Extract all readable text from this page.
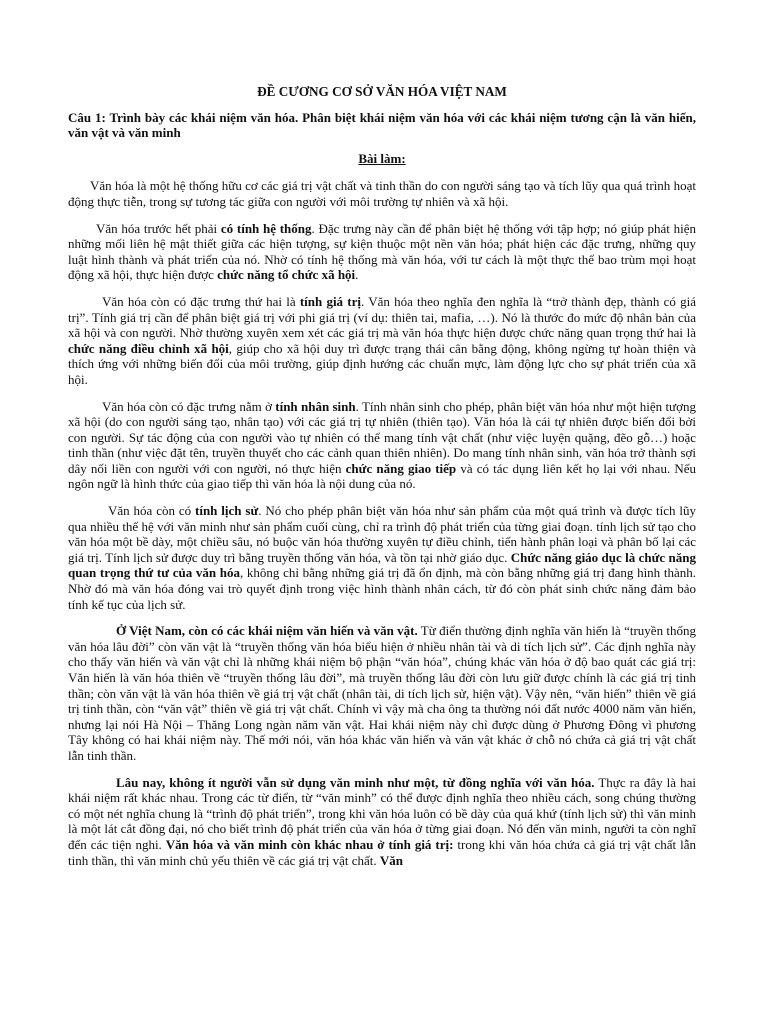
ĐỀ CƯƠNG CƠ SỞ VĂN HÓA VIỆT NAM
Câu 1: Trình bày các khái niệm văn hóa. Phân biệt khái niệm văn hóa với các khái niệm tương cận là văn hiến, văn vật và văn minh
Bài làm:

Văn hóa là một hệ thống hữu cơ các giá trị vật chất và tinh thần do con người sáng tạo và tích lũy qua quá trình hoạt động thực tiễn, trong sự tương tác giữa con người với môi trường tự nhiên và xã hội.

Văn hóa trước hết phải có tính hệ thống. Đặc trưng này cần để phân biệt hệ thống với tập hợp; nó giúp phát hiện những mối liên hệ mật thiết giữa các hiện tượng, sự kiện thuộc một nền văn hóa; phát hiện các đặc trưng, những quy luật hình thành và phát triển của nó. Nhờ có tính hệ thống mà văn hóa, với tư cách là một thực thể bao trùm mọi hoạt động xã hội, thực hiện được chức năng tổ chức xã hội.

Văn hóa còn có đặc trưng thứ hai là tính giá trị. Văn hóa theo nghĩa đen nghĩa là “trở thành đẹp, thành có giá trị”. Tính giá trị cần để phân biệt giá trị với phi giá trị (ví dụ: thiên tai, mafia, …). Nó là thước đo mức độ nhân bản của xã hội và con người. Nhờ thường xuyên xem xét các giá trị mà văn hóa thực hiện được chức năng quan trọng thứ hai là chức năng điều chỉnh xã hội, giúp cho xã hội duy trì được trạng thái cân bằng động, không ngừng tự hoàn thiện và thích ứng với những biến đổi của môi trường, giúp định hướng các chuẩn mực, làm động lực cho sự phát triển của xã hội.

Văn hóa còn có đặc trưng nằm ở tính nhân sinh. Tính nhân sinh cho phép, phân biệt văn hóa như một hiện tượng xã hội (do con người sáng tạo, nhân tạo) với các giá trị tự nhiên (thiên tạo). Văn hóa là cái tự nhiên được biến đổi bởi con người. Sự tác động của con người vào tự nhiên có thể mang tính vật chất (như việc luyện quặng, đẽo gỗ…) hoặc tinh thần (như việc đặt tên, truyền thuyết cho các cảnh quan thiên nhiên). Do mang tính nhân sinh, văn hóa trở thành sợi dây nối liền con người với con người, nó thực hiện chức năng giao tiếp và có tác dụng liên kết họ lại với nhau. Nếu ngôn ngữ là hình thức của giao tiếp thì văn hóa là nội dung của nó.

Văn hóa còn có tính lịch sử. Nó cho phép phân biệt văn hóa như sản phẩm của một quá trình và được tích lũy qua nhiều thế hệ với văn minh như sản phẩm cuối cùng, chỉ ra trình độ phát triển của từng giai đoạn. tính lịch sử tạo cho văn hóa một bề dày, một chiều sâu, nó buộc văn hóa thường xuyên tự điều chỉnh, tiến hành phân loại và phân bố lại các giá trị. Tính lịch sử được duy trì bằng truyền thống văn hóa, và tồn tại nhờ giáo dục. Chức năng giáo dục là chức năng quan trọng thứ tư của văn hóa, không chỉ bằng những giá trị đã ổn định, mà còn bằng những giá trị đang hình thành. Nhờ đó mà văn hóa đóng vai trò quyết định trong việc hình thành nhân cách, từ đó còn phát sinh chức năng đảm bảo tính kế tục của lịch sử.

Ở Việt Nam, còn có các khái niệm văn hiến và văn vật. Từ điển thường định nghĩa văn hiến là “truyền thống văn hóa lâu đời” còn văn vật là “truyền thống văn hóa biểu hiện ở nhiều nhân tài và di tích lịch sử”. Các định nghĩa này cho thấy văn hiến và văn vật chỉ là những khái niệm bộ phận “văn hóa”, chúng khác văn hóa ở độ bao quát các giá trị: Văn hiến là văn hóa thiên về “truyền thống lâu đời”, mà truyền thống lâu đời còn lưu giữ được chính là các giá trị tinh thần; còn văn vật là văn hóa thiên về giá trị vật chất (nhân tài, di tích lịch sử, hiện vật). Vậy nên, “văn hiến” thiên về giá trị tinh thần, còn “văn vật” thiên về giá trị vật chất. Chính vì vậy mà cha ông ta thường nói đất nước 4000 năm văn hiến, nhưng lại nói Hà Nội – Thăng Long ngàn năm văn vật. Hai khái niệm này chỉ được dùng ở Phương Đông vì phương Tây không có hai khái niệm này. Thế mới nói, văn hóa khác văn hiến và văn vật khác ở chỗ nó chứa cả giá trị vật chất lẫn tinh thần.

Lâu nay, không ít người vẫn sử dụng văn minh như một, từ đồng nghĩa với văn hóa. Thực ra đây là hai khái niệm rất khác nhau. Trong các từ điển, từ “văn minh” có thể được định nghĩa theo nhiều cách, song chúng thường có một nét nghĩa chung là “trình độ phát triển”, trong khi văn hóa luôn có bề dày của quá khứ (tính lịch sử) thì văn minh là một lát cắt đồng đại, nó cho biết trình độ phát triển của văn hóa ở từng giai đoạn. Nó đến văn minh, người ta còn nghĩ đến các tiện nghi. Văn hóa và văn minh còn khác nhau ở tính giá trị: trong khi văn hóa chứa cả giá trị vật chất lẫn tinh thần, thì văn minh chủ yếu thiên về các giá trị vật chất. Văn
